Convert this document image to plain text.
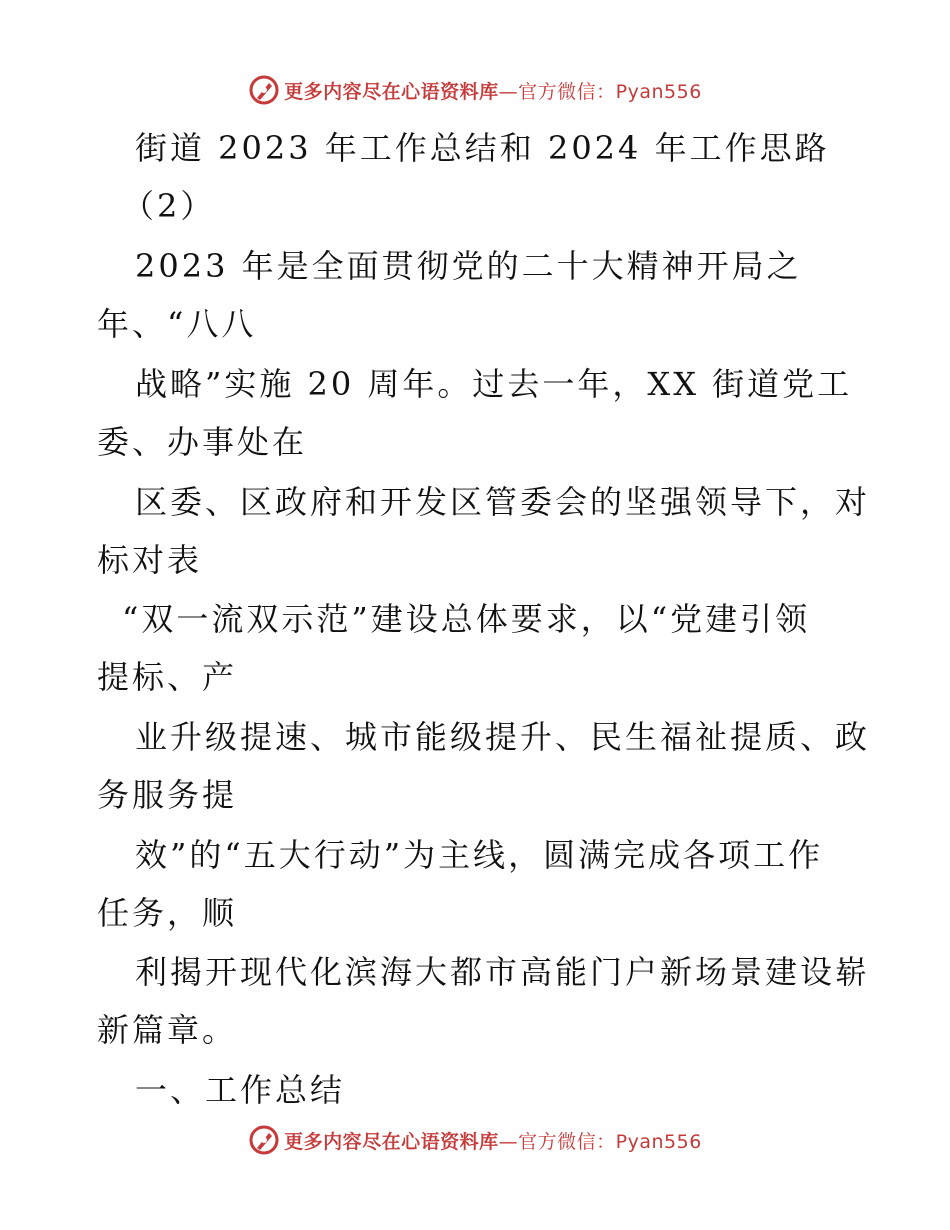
更多内容尽在心语资料库—官方微信：Pyan556
街道 2023 年工作总结和 2024 年工作思路
（2）
2023 年是全面贯彻党的二十大精神开局之
年、“八八
战略”实施 20 周年。过去一年，XX 街道党工
委、办事处在
区委、区政府和开发区管委会的坚强领导下，对
标对表
“双一流双示范”建设总体要求，以“党建引领
提标、产
业升级提速、城市能级提升、民生福祉提质、政
务服务提
效”的“五大行动”为主线，圆满完成各项工作
任务，顺
利揭开现代化滨海大都市高能门户新场景建设崭
新篇章。
一、工作总结
更多内容尽在心语资料库—官方微信：Pyan556
